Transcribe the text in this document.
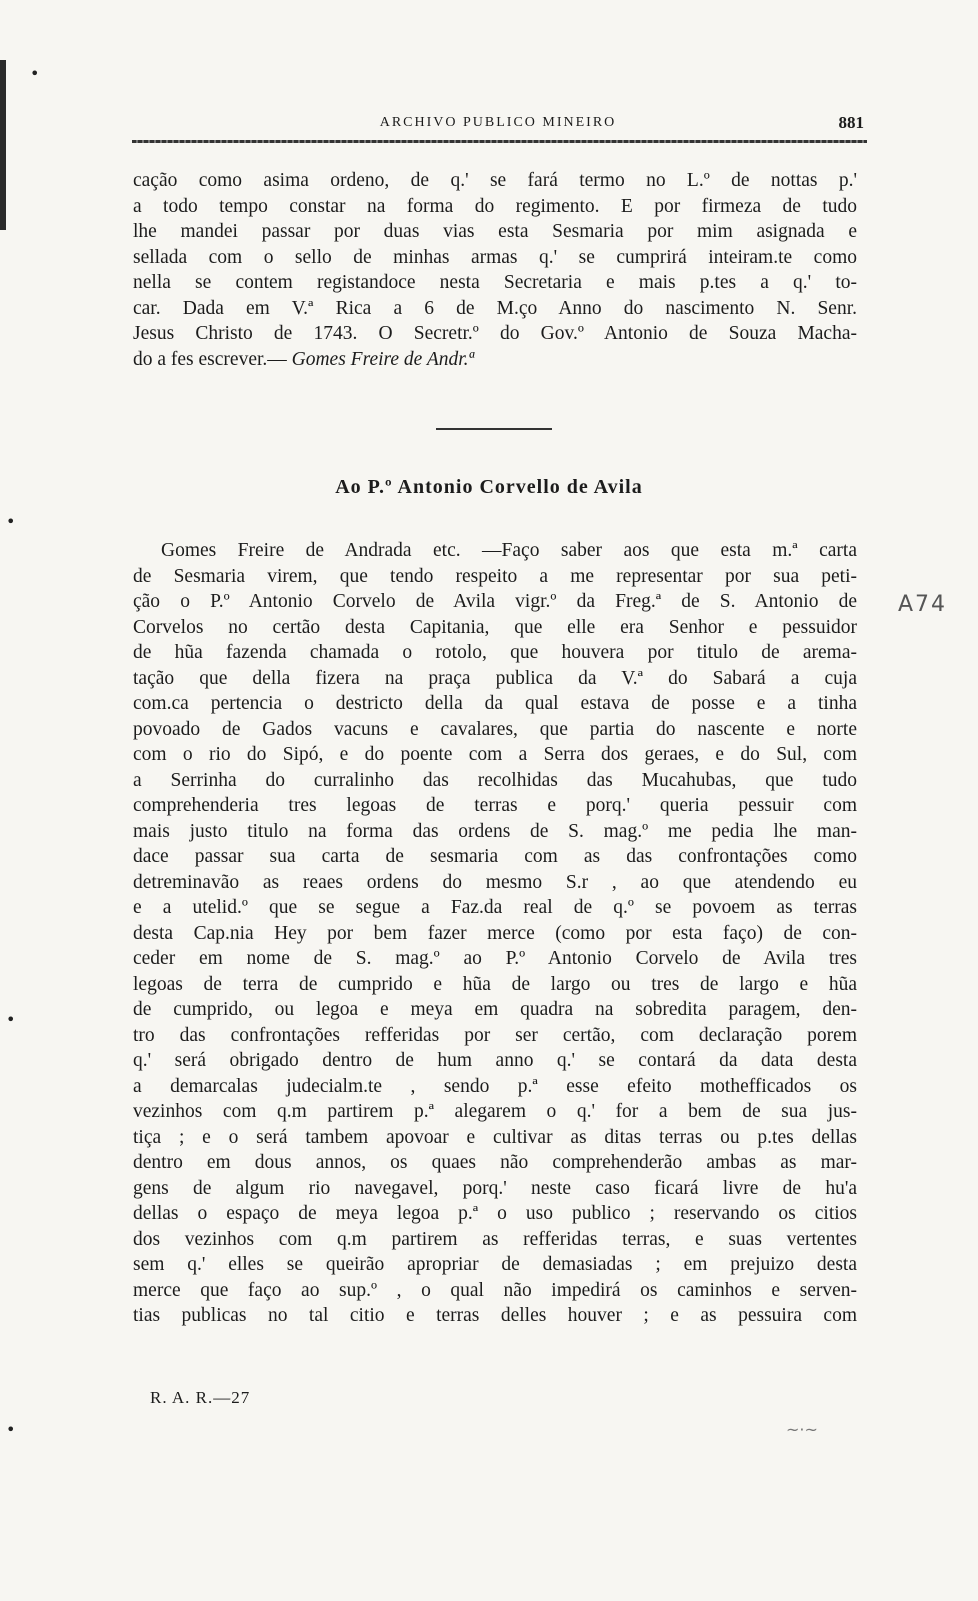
•
•
•
•
ARCHIVO PUBLICO MINEIRO	881
cação como asima ordeno, de q.' se fará termo no L.º de nottas p.'
a todo tempo constar na forma do regimento. E por firmeza de tudo
lhe mandei passar por duas vias esta Sesmaria por mim asignada e
sellada com o sello de minhas armas q.' se cumprirá inteiram.te como
nella se contem registandoce nesta Secretaria e mais p.tes a q.' to-
car. Dada em V.ª Rica a 6 de M.ço Anno do nascimento N. Senr.
Jesus Christo de 1743. O Secretr.º do Gov.º Antonio de Souza Macha-
do a fes escrever.— Gomes Freire de Andr.ª
Ao P.º Antonio Corvello de Avila
Gomes Freire de Andrada etc. —Faço saber aos que esta m.ª carta
de Sesmaria virem, que tendo respeito a me representar por sua peti-
ção o P.º Antonio Corvelo de Avila vigr.º da Freg.ª de S. Antonio de
Corvelos no certão desta Capitania, que elle era Senhor e pessuidor
de hũa fazenda chamada o rotolo, que houvera por titulo de arema-
tação que della fizera na praça publica da V.ª do Sabará a cuja
com.ca pertencia o destricto della da qual estava de posse e a tinha
povoado de Gados vacuns e cavalares, que partia do nascente e norte
com o rio do Sipó, e do poente com a Serra dos geraes, e do Sul, com
a Serrinha do curralinho das recolhidas das Mucahubas, que tudo
comprehenderia tres legoas de terras e porq.' queria pessuir com
mais justo titulo na forma das ordens de S. mag.º me pedia lhe man-
dace passar sua carta de sesmaria com as das confrontações como
detreminavão as reaes ordens do mesmo S.r , ao que atendendo eu
e a utelid.º que se segue a Faz.da real de q.º se povoem as terras
desta Cap.nia Hey por bem fazer merce (como por esta faço) de con-
ceder em nome de S. mag.º ao P.º Antonio Corvelo de Avila tres
legoas de terra de cumprido e hũa de largo ou tres de largo e hũa
de cumprido, ou legoa e meya em quadra na sobredita paragem, den-
tro das confrontações refferidas por ser certão, com declaração porem
q.' será obrigado dentro de hum anno q.' se contará da data desta
a demarcalas judecialm.te , sendo p.ª esse efeito mothefficados os
vezinhos com q.m partirem p.ª alegarem o q.' for a bem de sua jus-
tiça ; e o será tambem apovoar e cultivar as ditas terras ou p.tes dellas
dentro em dous annos, os quaes não comprehenderão ambas as mar-
gens de algum rio navegavel, porq.' neste caso ficará livre de hu'a
dellas o espaço de meya legoa p.ª o uso publico ; reservando os citios
dos vezinhos com q.m partirem as refferidas terras, e suas vertentes
sem q.' elles se queirão apropriar de demasiadas ; em prejuizo desta
merce que faço ao sup.º , o qual não impedirá os caminhos e serven-
tias publicas no tal citio e terras delles houver ; e as pessuira com
R. A. R.—27
A74
~·~
